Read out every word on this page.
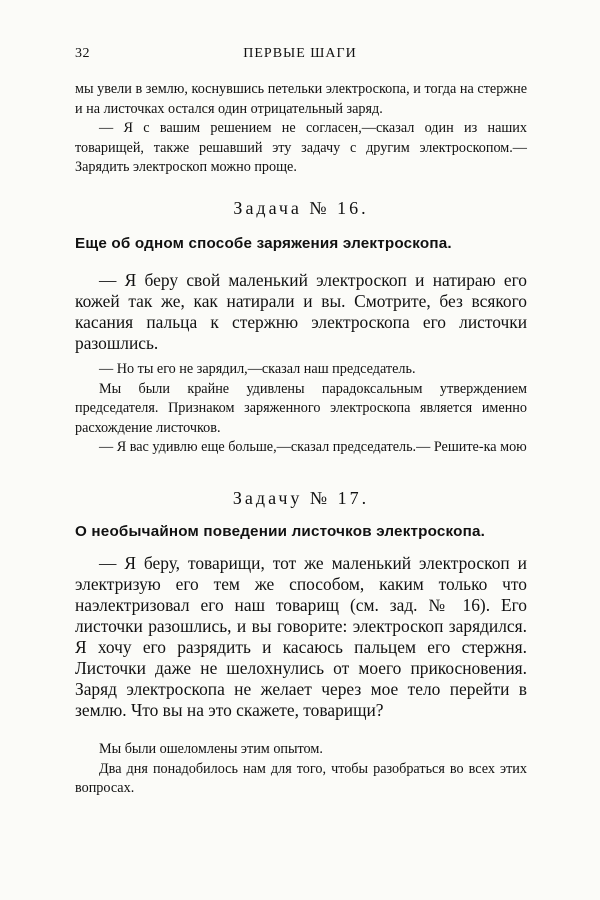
32	ПЕРВЫЕ ШАГИ

мы увели в землю, коснувшись петельки электроскопа, и тогда на стержне и на листочках остался один отрицательный заряд.

— Я с вашим решением не согласен,—сказал один из наших товарищей, также решавший эту задачу с другим электроскопом.—Зарядить электроскоп можно проще.

Задача № 16.
Еще об одном способе заряжения электроскопа.

— Я беру свой маленький электроскоп и натираю его кожей так же, как натирали и вы. Смотрите, без всякого касания пальца к стержню электроскопа его листочки разошлись.

— Но ты его не зарядил,—сказал наш председатель.

Мы были крайне удивлены парадоксальным утверждением председателя. Признаком заряженного электроскопа является именно расхождение листочков.

— Я вас удивлю еще больше,—сказал председатель.— Решите-ка мою

Задачу № 17.
О необычайном поведении листочков электроскопа.

— Я беру, товарищи, тот же маленький электроскоп и электризую его тем же способом, каким только что наэлектризовал его наш товарищ (см. зад. № 16). Его листочки разошлись, и вы говорите: электроскоп зарядился. Я хочу его разрядить и касаюсь пальцем его стержня. Листочки даже не шелохнулись от моего прикосновения. Заряд электроскопа не желает через мое тело перейти в землю. Что вы на это скажете, товарищи?

Мы были ошеломлены этим опытом.

Два дня понадобилось нам для того, чтобы разобраться во всех этих вопросах.
